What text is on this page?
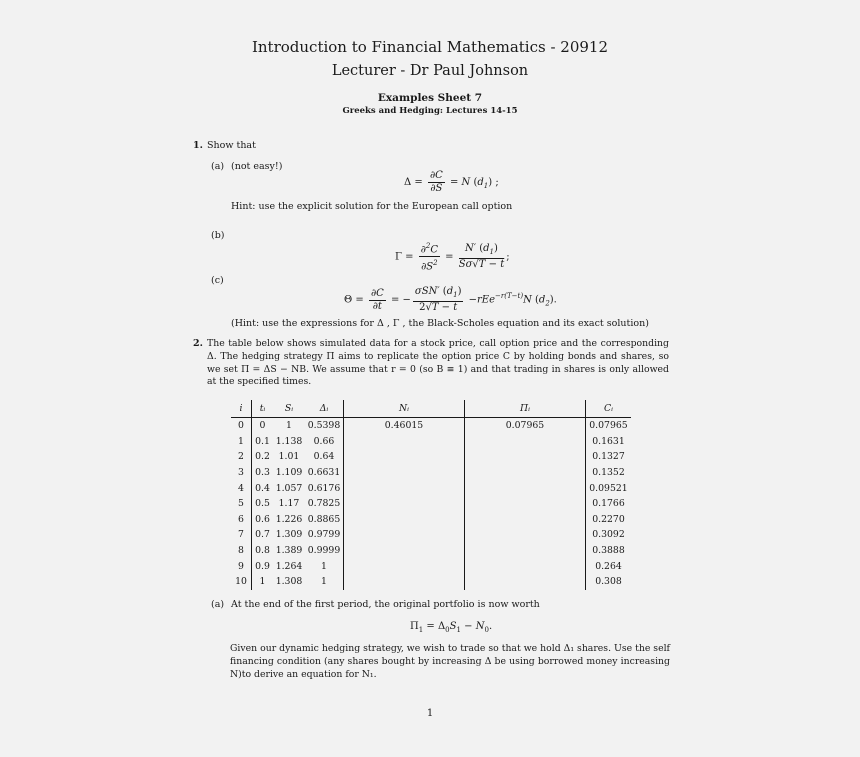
Introduction to Financial Mathematics - 20912
Lecturer - Dr Paul Johnson
Examples Sheet 7
Greeks and Hedging: Lectures 14-15
1. Show that
(a) (not easy!)
$\Delta = \frac{\partial C}{\partial S} = N$ $(d_1)$ ;
Hint: use the explicit solution for the European call option
(b)
$\Gamma = \frac{\partial^2C}{\partial S^2} = \frac{N' (d_1)}{S\sigma√T - t}$ ;
(c)
$\Theta = \frac{\partial C}{\partial t}$ = − $\frac{\sigma SN' (d_1)}{2√T - t} -rEe^{-r(T-t)}N$ $(d_2)$.
(Hint: use the expressions for Δ , Γ , the Black-Scholes equation and its exact solution)
2. The table below shows simulated data for a stock price, call option price and the corresponding Δ. The hedging strategy Π aims to replicate the option price C by holding bonds and shares, so we set Π = ΔS − NB. We assume that r = 0 (so B ≡ 1) and that trading in shares is only allowed at the specified times.
i	tᵢ	Sᵢ	Δᵢ	Nᵢ	Πᵢ	Cᵢ
0	0	1	0.5398	0.46015	0.07965	0.07965
1	0.1	1.138	0.66			0.1631
2	0.2	1.01	0.64			0.1327
3	0.3	1.109	0.6631			0.1352
4	0.4	1.057	0.6176			0.09521
5	0.5	1.17	0.7825			0.1766
6	0.6	1.226	0.8865			0.2270
7	0.7	1.309	0.9799			0.3092
8	0.8	1.389	0.9999			0.3888
9	0.9	1.264	1			0.264
10	1	1.308	1			0.308
(a) At the end of the first period, the original portfolio is now worth
$\Pi_1 = \Delta_0S_1 - N_0$.
Given our dynamic hedging strategy, we wish to trade so that we hold Δ₁ shares. Use the self financing condition (any shares bought by increasing Δ be using borrowed money increasing N)to derive an equation for N₁.
1
